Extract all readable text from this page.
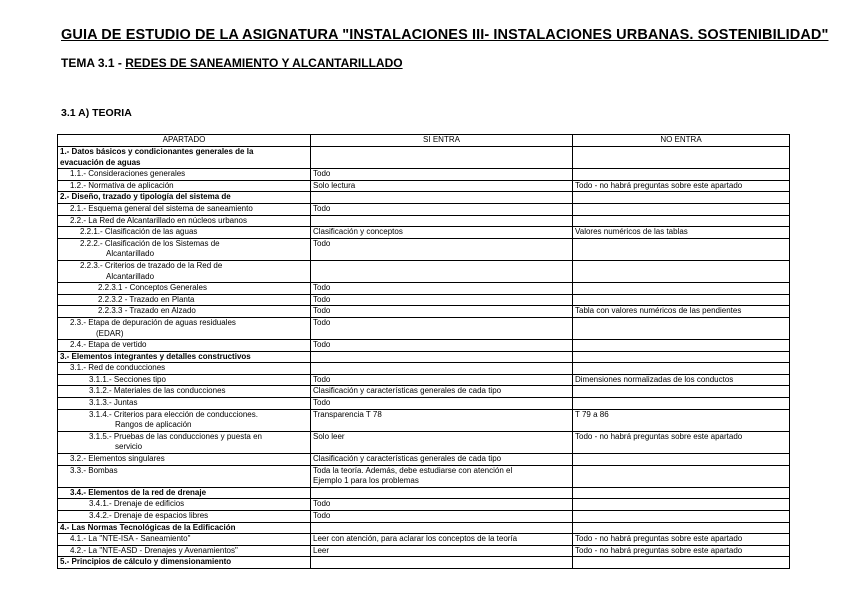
GUIA DE ESTUDIO DE LA ASIGNATURA "INSTALACIONES III- INSTALACIONES URBANAS. SOSTENIBILIDAD"
TEMA 3.1 - REDES DE SANEAMIENTO Y ALCANTARILLADO
3.1 A) TEORIA
APARTADO	SI ENTRA	NO ENTRA

1.- Datos básicos y condicionantes generales de la
evacuación de aguas		

1.1.- Consideraciones generales	Todo	

1.2.- Normativa de aplicación	Solo lectura	Todo - no habrá preguntas sobre este apartado

2.- Diseño, trazado y tipología del sistema de		

2.1.- Esquema general del sistema de saneamiento	Todo	

2.2.- La Red de Alcantarillado en núcleos urbanos		

2.2.1.- Clasificación de las aguas	Clasificación y conceptos	Valores numéricos de las tablas

2.2.2.- Clasificación de los Sistemas de
Alcantarillado	Todo	

2.2.3.- Criterios de trazado de la Red de
Alcantarillado		

2.2.3.1 - Conceptos Generales	Todo	

2.2.3.2 - Trazado en Planta	Todo	

2.2.3.3 - Trazado en Alzado	Todo	Tabla con valores numéricos de las pendientes

2.3.- Etapa de depuración de aguas residuales
(EDAR)	Todo	

2.4.- Etapa de vertido	Todo	

3.- Elementos integrantes y detalles constructivos		

3.1.- Red de conducciones		

3.1.1.- Secciones tipo	Todo	Dimensiones normalizadas de los conductos

3.1.2.- Materiales de las conducciones	Clasificación y características generales de cada tipo	

3.1.3.- Juntas	Todo	

3.1.4.- Criterios para elección de conducciones.
Rangos de aplicación	Transparencia T 78	T 79 a 86

3.1.5.- Pruebas de las conducciones y puesta en
servicio	Solo leer	Todo - no habrá preguntas sobre este apartado

3.2.- Elementos singulares	Clasificación y características generales de cada tipo	

3.3.- Bombas	Toda la teoría. Además, debe estudiarse con atención el
Ejemplo 1 para los problemas	

3.4.- Elementos de la red de drenaje		

3.4.1.- Drenaje de edificios	Todo	

3.4.2.- Drenaje de espacios libres	Todo	

4.- Las Normas Tecnológicas de la Edificación		

4.1.- La "NTE-ISA - Saneamiento"	Leer con atención, para aclarar los conceptos de la teoría	Todo - no habrá preguntas sobre este apartado

4.2.- La "NTE-ASD - Drenajes y Avenamientos"	Leer	Todo - no habrá preguntas sobre este apartado

5.- Principios de cálculo y dimensionamiento		
